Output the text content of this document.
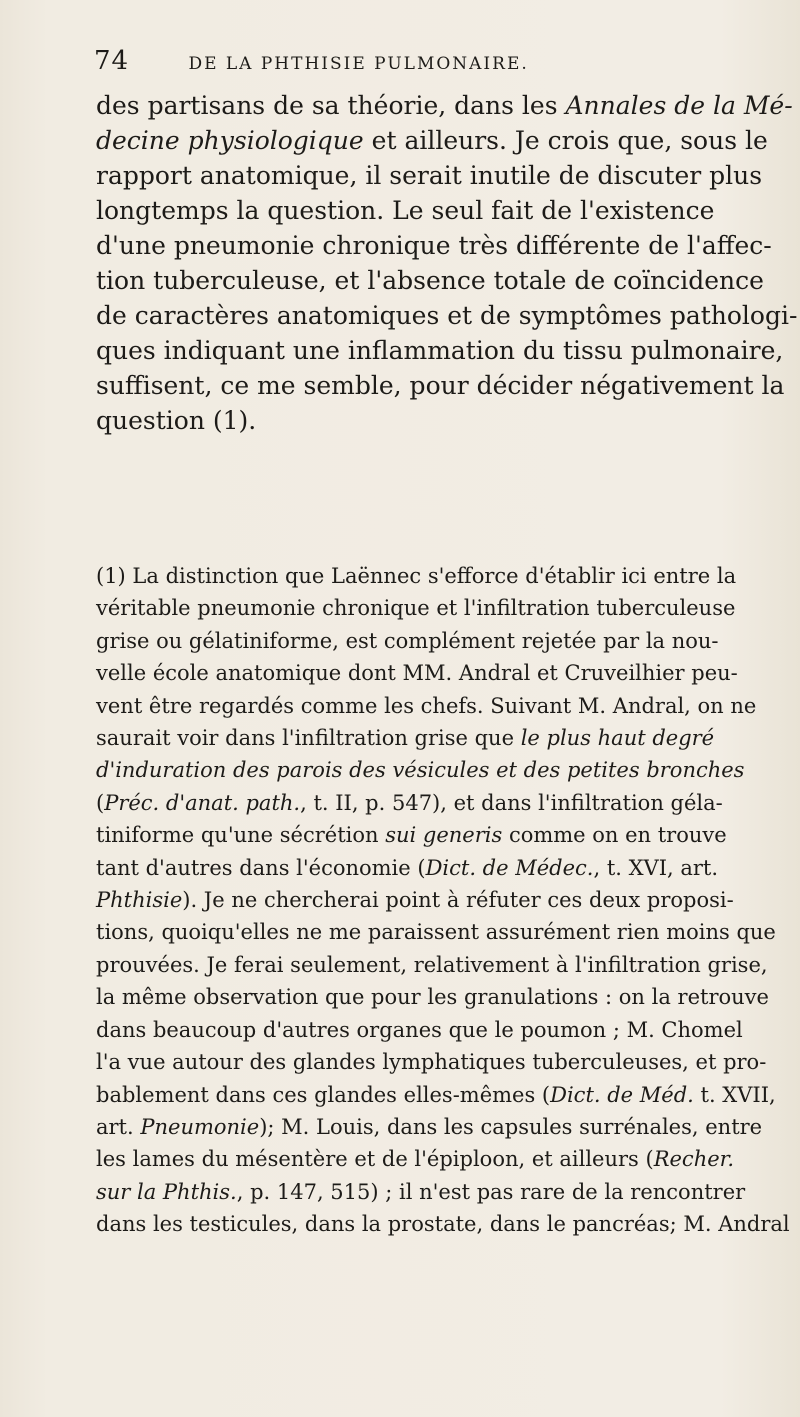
74	DE LA PHTHISIE PULMONAIRE.
des partisans de sa théorie, dans les Annales de la Mé-
decine physiologique et ailleurs. Je crois que, sous le
rapport anatomique, il serait inutile de discuter plus
longtemps la question. Le seul fait de l'existence
d'une pneumonie chronique très différente de l'affec-
tion tuberculeuse, et l'absence totale de coïncidence
de caractères anatomiques et de symptômes pathologi-
ques indiquant une inflammation du tissu pulmonaire,
suffisent, ce me semble, pour décider négativement la
question (1).
(1) La distinction que Laënnec s'efforce d'établir ici entre la
véritable pneumonie chronique et l'infiltration tuberculeuse
grise ou gélatiniforme, est complément rejetée par la nou-
velle école anatomique dont MM. Andral et Cruveilhier peu-
vent être regardés comme les chefs. Suivant M. Andral, on ne
saurait voir dans l'infiltration grise que le plus haut degré
d'induration des parois des vésicules et des petites bronches
(Préc. d'anat. path., t. II, p. 547), et dans l'infiltration géla-
tiniforme qu'une sécrétion sui generis comme on en trouve
tant d'autres dans l'économie (Dict. de Médec., t. XVI, art.
Phthisie). Je ne chercherai point à réfuter ces deux proposi-
tions, quoiqu'elles ne me paraissent assurément rien moins que
prouvées. Je ferai seulement, relativement à l'infiltration grise,
la même observation que pour les granulations : on la retrouve
dans beaucoup d'autres organes que le poumon ; M. Chomel
l'a vue autour des glandes lymphatiques tuberculeuses, et pro-
bablement dans ces glandes elles-mêmes (Dict. de Méd. t. XVII,
art. Pneumonie); M. Louis, dans les capsules surrénales, entre
les lames du mésentère et de l'épiploon, et ailleurs (Recher.
sur la Phthis., p. 147, 515) ; il n'est pas rare de la rencontrer
dans les testicules, dans la prostate, dans le pancréas; M. Andral
